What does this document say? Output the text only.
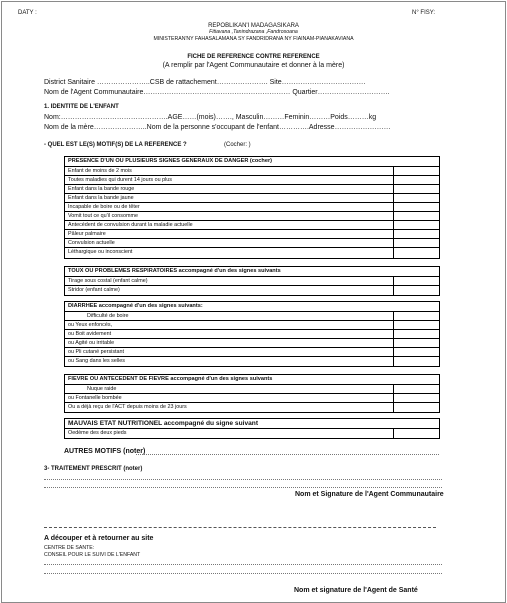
DATY :	N° FISY:
REPOBLIKAN'I MADAGASIKARA
Fitiavana ,Tanindrazana ,Fandrosoana
MINISTERAN'NY FAHASALAMANA SY FANDRIDRANA NY FIAINAM-PIANAKAVIANA
FICHE DE REFERENCE CONTRE REFERENCE
(A remplir par l'Agent Communautaire et donner à la mère)
District Sanitaire …………………..CSB de rattachement…………………. Site………………………………
Nom de l'Agent Communautaire……………………………………………………… Quartier………………………….
1. IDENTITE DE L'ENFANT
Nom:……………………………………….AGE……(mois)……., Masculin………Feminin………Poids………kg
Nom de la mère…………………..Nom de la personne s'occupant de l'enfant………….Adresse……………………
- QUEL EST LE(S) MOTIF(S) DE LA REFERENCE ?	(Cocher: )
PRESENCE D'UN OU PLUSIEURS SIGNES GENERAUX DE DANGER (cocher)
Enfant de moins de 2 mois
Toutes maladies qui durent 14 jours ou plus
Enfant dans la bande rouge
Enfant dans la bande jaune
Incapable de boire ou de têter
Vomit tout ce qu'il consomme
Antecédent de convulsion durant la maladie actuelle
Pâleur palmaire
Convulsion actuelle
Léthargique ou inconscient
TOUX OU PROBLEMES RESPIRATOIRES accompagné d'un des signes suivants
Tirage sous costal (enfant calme)
Stridor (enfant calme)
DIARRHEE accompagné d'un des signes suivants:
Difficulté de boire
ou Yeux enfoncés,
ou Boit avidement
ou Agité ou irritable
ou Pli cutané persistant
ou Sang dans les selles
FIEVRE OU ANTECEDENT DE FIEVRE accompagné d'un des signes suivants
Nuque raide
ou Fontanelle bombée
Ou a déjà reçu de l'ACT depuis moins de 23 jours
MAUVAIS ETAT NUTRITIONEL accompagné du signe suivant
Oedème des deux pieds
AUTRES MOTIFS (noter)
3- TRAITEMENT PRESCRIT (noter)
Nom et Signature de l'Agent Communautaire
A découper et à retourner au site
CENTRE DE SANTE:
CONSEIL POUR LE SUIVI DE L'ENFANT
Nom et signature de l'Agent de Santé
